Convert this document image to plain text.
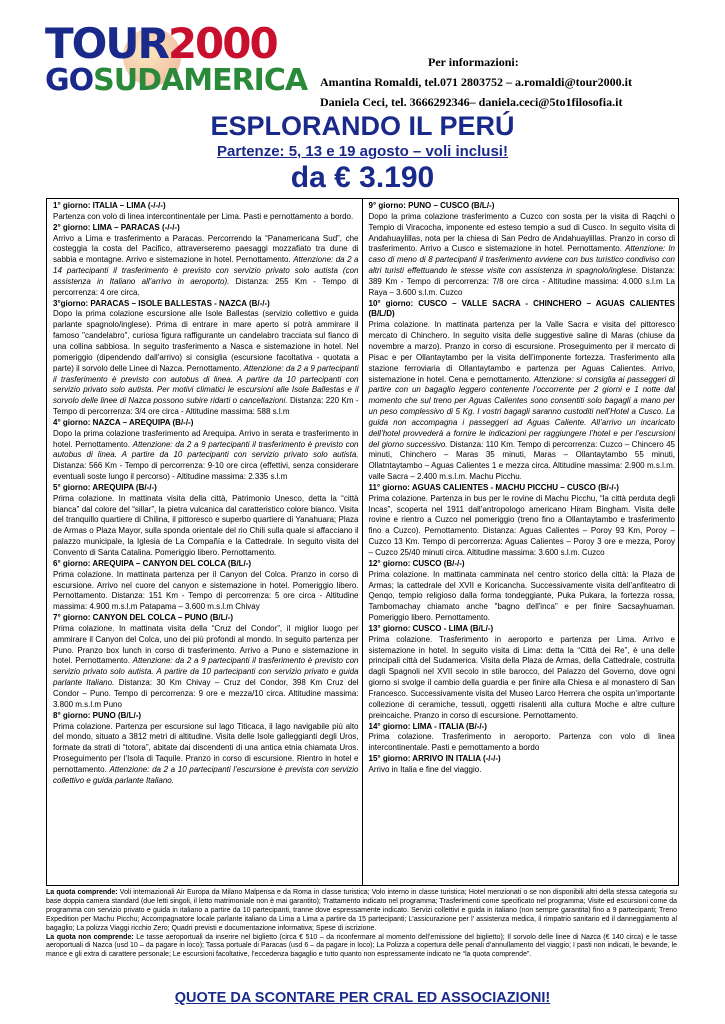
TOUR2000
GOSUDAMERICA
Per informazioni:
Amantina Romaldi, tel.071 2803752 – a.romaldi@tour2000.it
Daniela Ceci, tel. 3666292346– daniela.ceci@5to1filosofia.it
ESPLORANDO IL PERÚ
Partenze: 5, 13 e 19 agosto – voli inclusi!
da € 3.190
1° giorno: ITALIA – LIMA (-/-/-)

Partenza con volo di linea intercontinentale per Lima. Pasti e pernottamento a bordo.

2° giorno: LIMA – PARACAS (-/-/-)

Arrivo a Lima e trasferimento a Paracas. Percorrendo la “Panamericana Sud”, che costeggia la costa del Pacifico, attraverseremo paesaggi mozzafiato tra dune di sabbia e montagne. Arrivo e sistemazione in hotel. Pernottamento. Attenzione: da 2 a 14 partecipanti il trasferimento è previsto con servizio privato solo autista (con assistenza in Italiano all’arrivo in aeroporto). Distanza: 255 Km - Tempo di percorrenza: 4 ore circa.

3°giorno: PARACAS – ISOLE BALLESTAS - NAZCA (B/-/-)

Dopo la prima colazione escursione alle Isole Ballestas (servizio collettivo e guida parlante spagnolo/inglese). Prima di entrare in mare aperto si potrà ammirare il famoso "candelabro", curiosa figura raffigurante un candelabro tracciata sul fianco di una collina sabbiosa. In seguito trasferimento a Nasca e sistemazione in hotel. Nel pomeriggio (dipendendo dall’arrivo) si consiglia (escursione facoltativa - quotata a parte) il sorvolo delle Linee di Nazca. Pernottamento. Attenzione: da 2 a 9 partecipanti il trasferimento è previsto con autobus di linea. A partire da 10 partecipanti con servizio privato solo autista. Per motivi climatici le escursioni alle Isole Ballestas e il sorvolo delle linee di Nazca possono subire ridarti o cancellazioni. Distanza: 220 Km - Tempo di percorrenza: 3/4 ore circa - Altitudine massima: 588 s.l.m

4° giorno: NAZCA – AREQUIPA (B/-/-)

Dopo la prima colazione trasferimento ad Arequipa. Arrivo in serata e trasferimento in hotel. Pernottamento. Attenzione: da 2 a 9 partecipanti il trasferimento è previsto con autobus di linea. A partire da 10 partecipanti con servizio privato solo autista. Distanza: 566 Km - Tempo di percorrenza: 9-10 ore circa (effettivi, senza considerare eventuali soste lungo il percorso) - Altitudine massima: 2.335 s.l.m

5° giorno: AREQUIPA (B/-/-)

Prima colazione. In mattinata visita della città, Patrimonio Unesco, detta la “città bianca” dal colore del “sillar”, la pietra vulcanica dal caratteristico colore bianco. Visita del tranquillo quartiere di Chilina, il pittoresco e superbo quartiere di Yanahuara; Plaza de Armas o Plaza Mayor, sulla sponda orientale del rio Chili sulla quale si affacciano il palazzo municipale, la Iglesia de La Compañía e la Cattedrale. In seguito visita del Convento di Santa Catalina. Pomeriggio libero. Pernottamento.

6° giorno: AREQUIPA – CANYON DEL COLCA (B/L/-)

Prima colazione. In mattinata partenza per il Canyon del Colca. Pranzo in corso di escursione. Arrivo nel cuore del canyon e sistemazione in hotel. Pomeriggio libero. Pernottamento. Distanza: 151 Km - Tempo di percorrenza: 5 ore circa - Altitudine massima: 4.900 m.s.l.m Patapama – 3.600 m.s.l.m Chivay

7° giorno: CANYON DEL COLCA – PUNO (B/L/-)

Prima colazione. In mattinata visita della “Cruz del Condor”, il miglior luogo per ammirare il Canyon del Colca, uno dei più profondi al mondo. In seguito partenza per Puno. Pranzo box lunch in corso di trasferimento. Arrivo a Puno e sistemazione in hotel. Pernottamento. Attenzione: da 2 a 9 partecipanti il trasferimento è previsto con servizio privato solo autista. A partire da 10 partecipanti con servizio privato e guida parlante Italiano. Distanza: 30 Km Chivay – Cruz del Condor, 398 Km Cruz del Condor – Puno. Tempo di percorrenza: 9 ore e mezza/10 circa. Altitudine massima: 3.800 m.s.l.m Puno

8° giorno: PUNO (B/L/-)

Prima colazione. Partenza per escursione sul lago Titicaca, il lago navigabile più alto del mondo, situato a 3812 metri di altitudine. Visita delle Isole galleggianti degli Uros, formate da strati di “totora”, abitate dai discendenti di una antica etnia chiamata Uros. Proseguimento per l’Isola di Taquile. Pranzo in corso di escursione. Rientro in hotel e pernottamento. Attenzione: da 2 a 10 partecipanti l’escursione è prevista con servizio collettivo e guida parlante Italiano.

9° giorno: PUNO – CUSCO (B/L/-)

Dopo la prima colazione trasferimento a Cuzco con sosta per la visita di Raqchi o Tempio di Viracocha, imponente ed esteso tempio a sud di Cusco. In seguito visita di Andahuaylillas, nota per la chiesa di San Pedro de Andahuaylillas. Pranzo in corso di trasferimento. Arrivo a Cusco e sistemazione in hotel. Pernottamento. Attenzione: In caso di meno di 8 partecipanti il trasferimento avviene con bus turistico condiviso con altri turisti effettuando le stesse visite con assistenza in spagnolo/inglese. Distanza: 389 Km - Tempo di percorrenza: 7/8 ore circa - Altitudine massima: 4.000 s.l.m La Raya – 3.600 s.l.m. Cuzco

10° giorno: CUSCO – VALLE SACRA - CHINCHERO – AGUAS CALIENTES (B/L/D)

Prima colazione. In mattinata partenza per la Valle Sacra e visita del pittoresco mercato di Chinchero. In seguito visita delle suggestive saline di Maras (chiuse da novembre a marzo). Pranzo in corso di escursione. Proseguimento per il mercato di Pisac e per Ollantaytambo per la visita dell’imponente fortezza. Trasferimento alla stazione ferroviaria di Ollantaytambo e partenza per Aguas Calientes. Arrivo, sistemazione in hotel. Cena e pernottamento. Attenzione: si consiglia ai passeggeri di partire con un bagaglio leggero contenente l’occorrente per 2 giorni e 1 notte dal momento che sul treno per Aguas Calientes sono consentiti solo bagagli a mano per un peso complessivo di 5 Kg. I vostri bagagli saranno custoditi nell’Hotel a Cusco. La guida non accompagna i passeggeri ad Aguas Caliente. All’arrivo un incaricato dell’hotel provvederà a fornire le indicazioni per raggiungere l’hotel e per l’escursioni del giorno successivo. Distanza: 110 Km. Tempo di percorrenza: Cuzco – Chincero 45 minuti, Chinchero – Maras 35 minuti, Maras – Ollantaytambo 55 minuti, Ollatntaytambo – Aguas Calientes 1 e mezza circa. Altitudine massima: 2.900 m.s.l.m. valle Sacra – 2.400 m.s.l.m. Machu Picchu.

11° giorno: AGUAS CALIENTES - MACHU PICCHU – CUSCO (B/-/-)

Prima colazione. Partenza in bus per le rovine di Machu Picchu, “la città perduta degli Incas”, scoperta nel 1911 dall’antropologo americano Hiram Bingham. Visita delle rovine e rientro a Cuzco nel pomeriggio (treno fino a Ollantaytambo e trasferimento fino a Cuzco). Pernottamento. Distanza: Aguas Calientes – Poroy 93 Km, Poroy – Cuzco 13 Km. Tempo di percorrenza: Aguas Calientes – Poroy 3 ore e mezza, Poroy – Cuzco 25/40 minuti circa. Altitudine massima: 3.600 s.l.m. Cuzco

12° giorno: CUSCO (B/-/-)

Prima colazione. In mattinata camminata nel centro storico della città: la Plaza de Armas; la cattedrale del XVII e Koricancha. Successivamente visita dell’anfiteatro di Qenqo, tempio religioso dalla forma tondeggiante, Puka Pukara, la fortezza rossa, Tambomachay chiamato anche "bagno dell'inca" e per finire Sacsayhuaman. Pomeriggio libero. Pernottamento.

13° giorno: CUSCO - LIMA (B/L/-)

Prima colazione. Trasferimento in aeroporto e partenza per Lima. Arrivo e sistemazione in hotel. In seguito visita di Lima: detta la “Città dei Re”, è una delle principali città del Sudamerica. Visita della Plaza de Armas, della Cattedrale, costruita dagli Spagnoli nel XVII secolo in stile barocco, del Palazzo del Governo, dove ogni giorno si svolge il cambio della guardia e per finire alla Chiesa e al monastero di San Francesco. Successivamente visita del Museo Larco Herrera che ospita un’importante collezione di ceramiche, tessuti, oggetti risalenti alla cultura Moche e altre culture preincaiche. Pranzo in corso di escursione. Pernottamento.

14° giorno: LIMA - ITALIA (B/-/-)

Prima colazione. Trasferimento in aeroporto. Partenza con volo di linea intercontinentale. Pasti e pernottamento a bordo

15° giorno: ARRIVO IN ITALIA (-/-/-)

Arrivo in Italia e fine del viaggio.

La quota comprende: Voli internazionali Air Europa da Milano Malpensa e da Roma in classe turistica; Volo interno in classe turistica; Hotel menzionati o se non disponibili altri della stessa categoria su base doppia camera standard (due letti singoli, il letto matrimoniale non è mai garantito); Trattamento indicato nel programma; Trasferimenti come specificato nel programma; Visite ed escursioni come da programma con servizio privato e guida in italiano a partire da 10 partecipanti, tranne dove espressamente indicato. Servizi collettivi e guida in italiano (non sempre garantita) fino a 9 partecipanti; Treno Expedition per Machu Picchu; Accompagnatore locale parlante italiano da Lima a Lima a partire da 15 partecipanti; L’assicurazione per l’ assistenza medica, il rimpatrio sanitario ed il danneggiamento al bagaglio; La polizza Viaggi ricchio Zero; Quadri previsti e documentazione informativa; Spese di iscrizione.
La quota non comprende: Le tasse aeroportuali da inserire nel biglietto (circa € 510 – da riconfermare al momento dell’emissione del biglietto); Il sorvolo delle linee di Nazca (€ 140 circa) e le tasse aeroportuali di Nazca (usd 10 – da pagare in loco); Tassa portuale di Paracas (usd 6 – da pagare in loco); La Polizza a copertura delle penali d’annullamento del viaggio; I pasti non indicati, le bevande, le mance e gli extra di carattere personale; Le escursioni facoltative, l’eccedenza bagaglio e tutto quanto non espressamente indicato ne “la quota comprende”.
QUOTE DA SCONTARE PER CRAL ED ASSOCIAZIONI!
